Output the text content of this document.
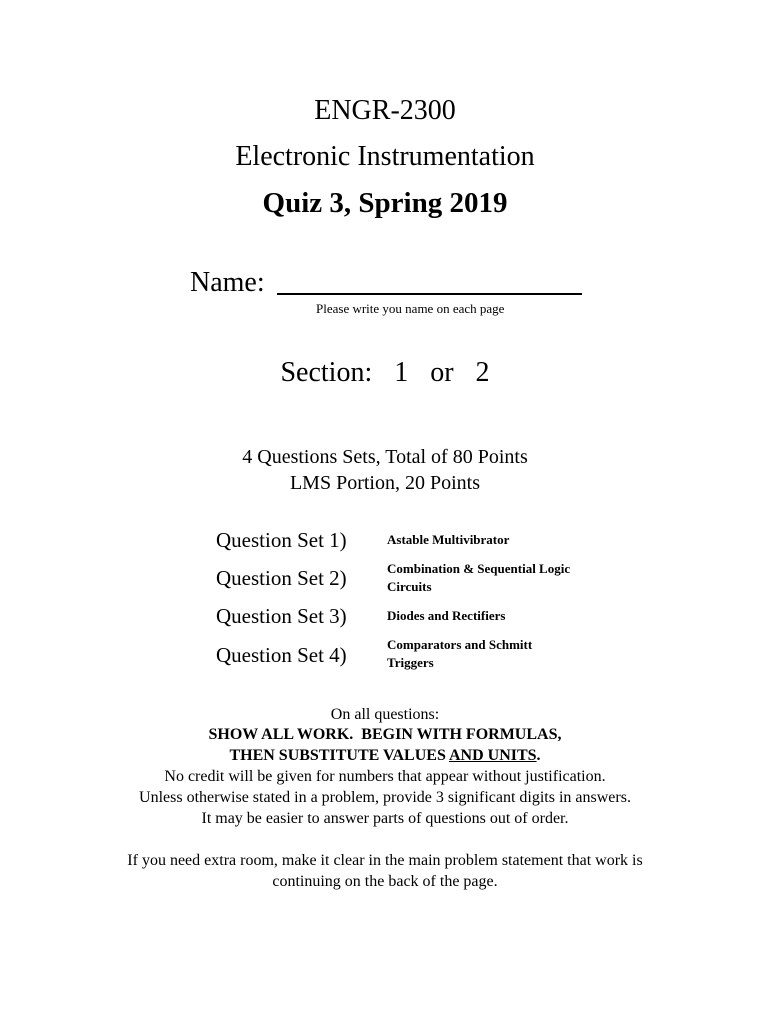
ENGR-2300
Electronic Instrumentation
Quiz 3, Spring 2019
Name:
Please write you name on each page
Section:  1  or  2
4 Questions Sets, Total of 80 Points
LMS Portion, 20 Points
Question Set 1)	Astable Multivibrator
Question Set 2)	Combination & Sequential Logic Circuits
Question Set 3)	Diodes and Rectifiers
Question Set 4)	Comparators and Schmitt Triggers
On all questions:
SHOW ALL WORK.  BEGIN WITH FORMULAS,
THEN SUBSTITUTE VALUES AND UNITS.
No credit will be given for numbers that appear without justification.
Unless otherwise stated in a problem, provide 3 significant digits in answers.
It may be easier to answer parts of questions out of order.
If you need extra room, make it clear in the main problem statement that work is
continuing on the back of the page.
